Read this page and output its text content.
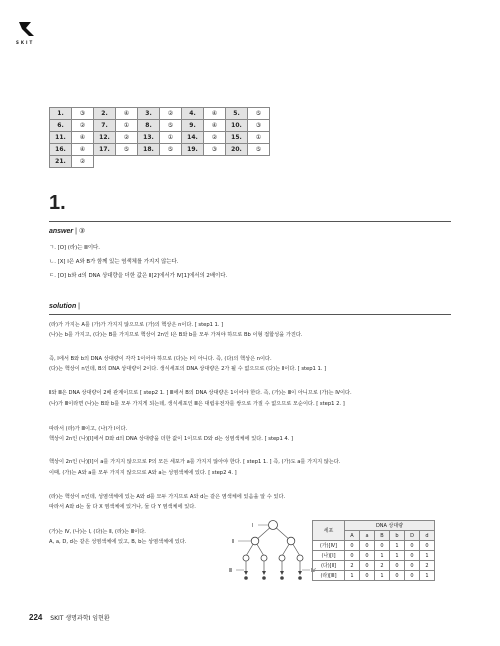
SKIT
1.	③	2.	④	3.	②	4.	④	5.	⑤
6.	②	7.	①	8.	⑤	9.	④	10.	③
11.	④	12.	②	13.	①	14.	②	15.	①
16.	④	17.	⑤	18.	⑤	19.	③	20.	⑤
21.	②								
1.
answer | ③
ㄱ. [O] (라)는 Ⅲ이다.
ㄴ. [X] Ⅰ은 A와 B가 함께 있는 염색체를 가지지 않는다.
ㄷ. [O] b와 d의 DNA 상대량을 더한 값은 Ⅱ[2]에서가 Ⅳ[1]에서의 2배이다.
solution |
(라)가 가지는 A를 (가)가 가지지 않으므로 (가)의 핵상은 n이다. [ step1 1. ]
(나)는 b를 가지고, (다)는 B를 가지므로 핵상이 2n인 Ⅰ은 B와 b를 모두 가져야 하므로 Bb 이형 접합성을 가진다.
즉, Ⅰ에서 B와 b의 DNA 상대량이 각각 1이어야 하므로 (다)는 Ⅰ이 아니다. 즉, (다)의 핵상은 n이다.
(다)는 핵상이 n인데, B의 DNA 상대량이 2이다. 생식세포의 DNA 상대량은 2가 될 수 없으므로 (다)는 Ⅱ이다. [ step1 1. ]
Ⅱ와 Ⅲ은 DNA 상대량이 2배 관계이므로 [ step2 1. ] Ⅲ에서 B의 DNA 상대량은 1이어야 한다. 즉, (가)는 Ⅲ이 아니므로 (가)는 Ⅳ이다.
(나)가 Ⅲ이라면 (나)는 B와 b를 모두 가지게 되는데, 생식세포인 Ⅲ은 대립유전자를 쌍으로 가질 수 없으므로 모순이다. [ step1 2. ]
따라서 (라)가 Ⅲ이고, (나)가 Ⅰ이다.
핵상이 2n인 (나)[Ⅰ]에서 D와 d의 DNA 상대량을 더한 값이 1이므로 D와 d는 성염색체에 있다. [ step1 4. ]
핵상이 2n인 (나)[Ⅰ]이 a를 가지지 않으므로 P의 모든 세포가 a를 가지지 않아야 한다. [ step1 1. ] 즉, (가)도 a를 가지지 않는다.
이때, (가)는 A와 a를 모두 가지지 않으므로 A와 a는 성염색체에 있다. [ step2 4. ]
(라)는 핵상이 n인데, 성염색체에 있는 A와 d를 모두 가지므로 A와 d는 같은 염색체에 있음을 알 수 있다.
따라서 A와 d는 둘 다 X 염색체에 있거나, 둘 다 Y 염색체에 있다.
(가)는 Ⅳ, (나)는 Ⅰ, (다)는 Ⅱ, (라)는 Ⅲ이다.
A, a, D, d는 같은 성염색체에 있고, B, b는 상염색체에 있다.
Ⅰ
Ⅱ
Ⅲ	Ⅳ
세포	DNA 상대량					
	A	a	B	b	D	d
(가)[Ⅳ]	0	0	0	1	0	0
(나)[Ⅰ]	0	0	1	1	0	1
(다)[Ⅱ]	2	0	2	0	0	2
(라)[Ⅲ]	1	0	1	0	0	1
224 SKIT 생명과학Ⅰ 임현환
